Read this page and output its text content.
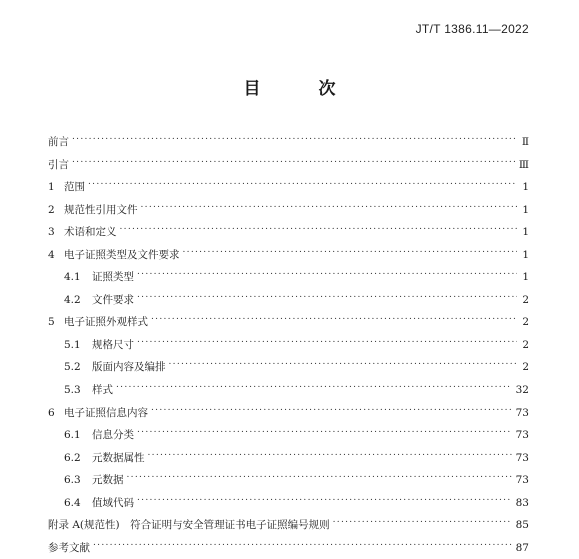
JT/T 1386.11—2022
目 次
前言 .....	Ⅱ
引言 .....	Ⅲ
1 范围 .....	1
2 规范性引用文件 .....	1
3 术语和定义 .....	1
4 电子证照类型及文件要求 .....	1
4.1	证照类型 .....	1
4.2	文件要求 .....	2
5 电子证照外观样式 .....	2
5.1	规格尺寸 .....	2
5.2	版面内容及编排 .....	2
5.3	样式 .....	32
6 电子证照信息内容 .....	73
6.1	信息分类 .....	73
6.2	元数据属性 .....	73
6.3	元数据 .....	73
6.4	值域代码 .....	83
附录 A(规范性)　符合证明与安全管理证书电子证照编号规则 .....	85
参考文献 .....	87
